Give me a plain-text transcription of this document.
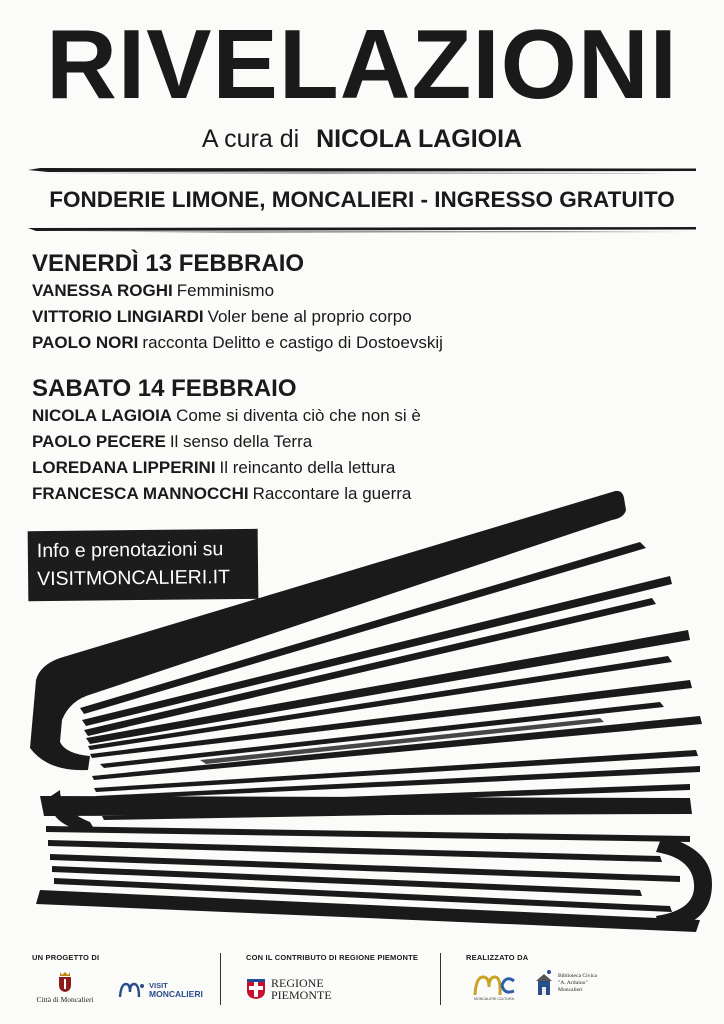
RIVELAZIONI
A cura di NICOLA LAGIOIA
FONDERIE LIMONE, MONCALIERI - INGRESSO GRATUITO
VENERDÌ 13 FEBBRAIO
VANESSA ROGHI Femminismo
VITTORIO LINGIARDI Voler bene al proprio corpo
PAOLO NORI racconta Delitto e castigo di Dostoevskij
SABATO 14 FEBBRAIO
NICOLA LAGIOIA Come si diventa ciò che non si è
PAOLO PECERE Il senso della Terra
LOREDANA LIPPERINI Il reincanto della lettura
FRANCESCA MANNOCCHI Raccontare la guerra
Info e prenotazioni su
VISITMONCALIERI.IT
UN PROGETTO DI	CON IL CONTRIBUTO DI REGIONE PIEMONTE	REALIZZATO DA
Città di Moncalieri
VISIT
MONCALIERI
REGIONE
PIEMONTE	MONCALIERI CULTURA
Biblioteca Civica
"A. Arduino"
Moncalieri
